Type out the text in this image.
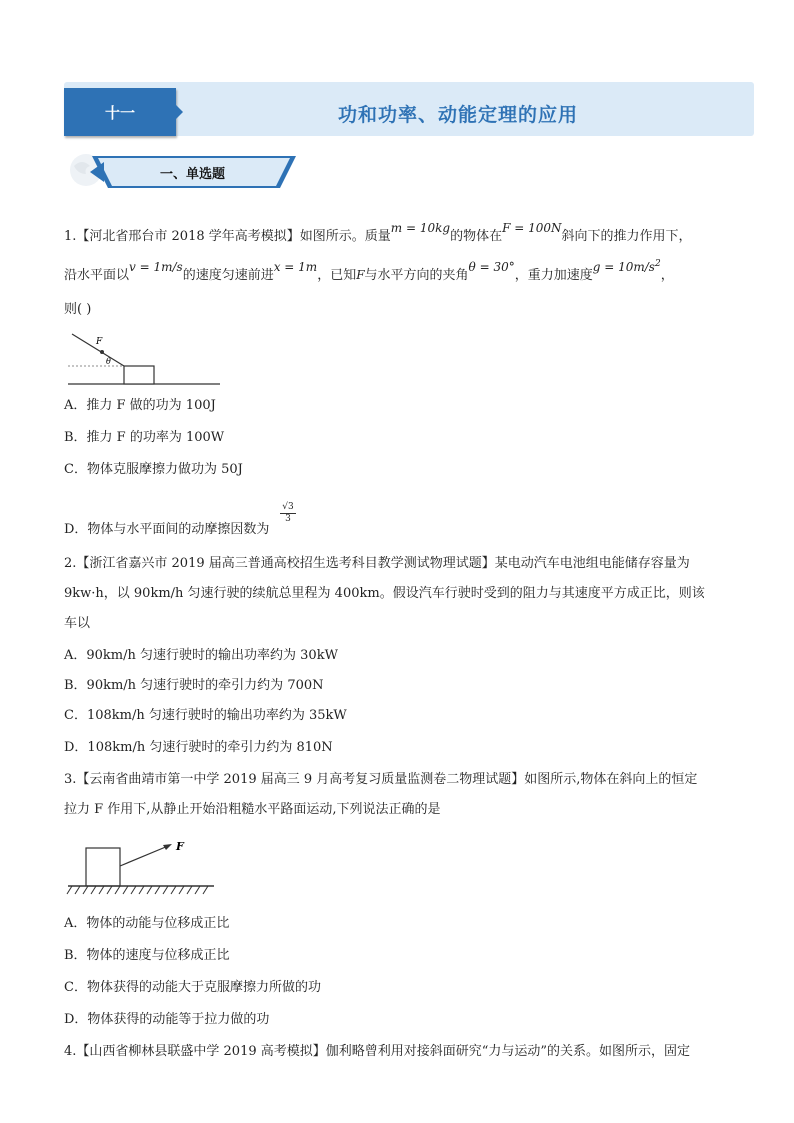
十一	功和功率、动能定理的应用
一、单选题
1.【河北省邢台市 2018 学年高考模拟】如图所示。质量m = 10kg的物体在F = 100N斜向下的推力作用下，
沿水平面以v = 1m/s的速度匀速前进x = 1m，已知F与水平方向的夹角θ = 30°，重力加速度$g = 10m/s^2$，
则( )
F
θ
A．推力 F 做的功为 100J
B．推力 F 的功率为 100W
C．物体克服摩擦力做功为 50J
D．物体与水平面间的动摩擦因数为
$\frac{√3}{3}$
2.【浙江省嘉兴市 2019 届高三普通高校招生选考科目教学测试物理试题】某电动汽车电池组电能储存容量为
9kw·h，以 90km/h 匀速行驶的续航总里程为 400km。假设汽车行驶时受到的阻力与其速度平方成正比，则该
车以
A．90km/h 匀速行驶时的输出功率约为 30kW
B．90km/h 匀速行驶时的牵引力约为 700N
C．108km/h 匀速行驶时的输出功率约为 35kW
D．108km/h 匀速行驶时的牵引力约为 810N
3.【云南省曲靖市第一中学 2019 届高三 9 月高考复习质量监测卷二物理试题】如图所示,物体在斜向上的恒定
拉力 F 作用下,从静止开始沿粗糙水平路面运动,下列说法正确的是
F
A．物体的动能与位移成正比
B．物体的速度与位移成正比
C．物体获得的动能大于克服摩擦力所做的功
D．物体获得的动能等于拉力做的功
4.【山西省柳林县联盛中学 2019 高考模拟】伽利略曾利用对接斜面研究“力与运动”的关系。如图所示，固定
